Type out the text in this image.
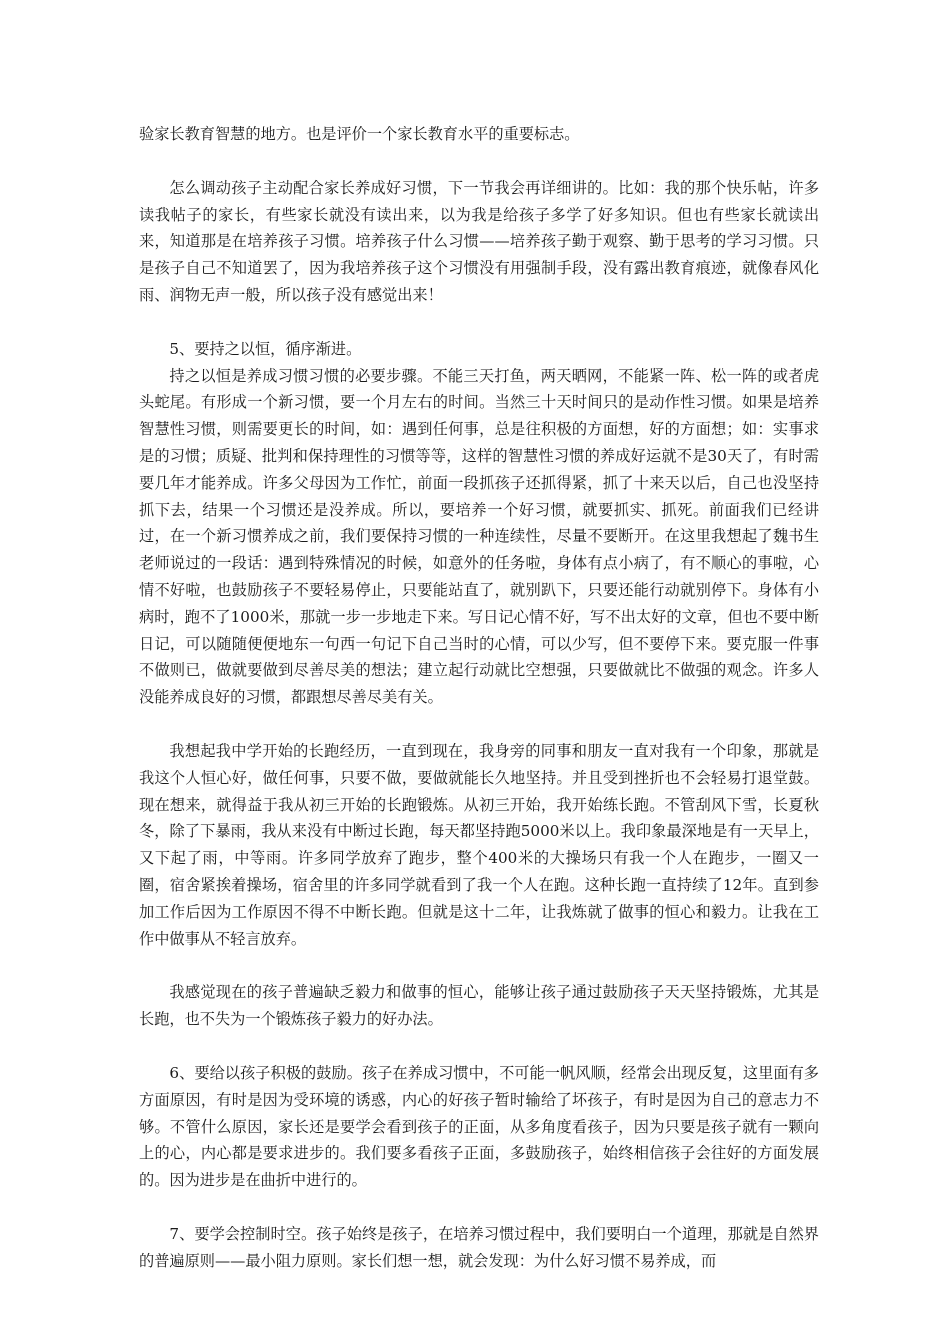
验家长教育智慧的地方。也是评价一个家长教育水平的重要标志。

怎么调动孩子主动配合家长养成好习惯，下一节我会再详细讲的。比如：我的那个快乐帖，许多读我帖子的家长，有些家长就没有读出来，以为我是给孩子多学了好多知识。但也有些家长就读出来，知道那是在培养孩子习惯。培养孩子什么习惯——培养孩子勤于观察、勤于思考的学习习惯。只是孩子自己不知道罢了，因为我培养孩子这个习惯没有用强制手段，没有露出教育痕迹，就像春风化雨、润物无声一般，所以孩子没有感觉出来！

5、要持之以恒，循序渐进。

持之以恒是养成习惯习惯的必要步骤。不能三天打鱼，两天晒网，不能紧一阵、松一阵的或者虎头蛇尾。有形成一个新习惯，要一个月左右的时间。当然三十天时间只的是动作性习惯。如果是培养智慧性习惯，则需要更长的时间，如：遇到任何事，总是往积极的方面想，好的方面想；如：实事求是的习惯；质疑、批判和保持理性的习惯等等，这样的智慧性习惯的养成好运就不是30天了，有时需要几年才能养成。许多父母因为工作忙，前面一段抓孩子还抓得紧，抓了十来天以后，自己也没坚持抓下去，结果一个习惯还是没养成。所以，要培养一个好习惯，就要抓实、抓死。前面我们已经讲过，在一个新习惯养成之前，我们要保持习惯的一种连续性，尽量不要断开。在这里我想起了魏书生老师说过的一段话：遇到特殊情况的时候，如意外的任务啦，身体有点小病了，有不顺心的事啦，心情不好啦，也鼓励孩子不要轻易停止，只要能站直了，就别趴下，只要还能行动就别停下。身体有小病时，跑不了1000米，那就一步一步地走下来。写日记心情不好，写不出太好的文章，但也不要中断日记，可以随随便便地东一句西一句记下自己当时的心情，可以少写，但不要停下来。要克服一件事不做则已，做就要做到尽善尽美的想法；建立起行动就比空想强，只要做就比不做强的观念。许多人没能养成良好的习惯，都跟想尽善尽美有关。

我想起我中学开始的长跑经历，一直到现在，我身旁的同事和朋友一直对我有一个印象，那就是我这个人恒心好，做任何事，只要不做，要做就能长久地坚持。并且受到挫折也不会轻易打退堂鼓。现在想来，就得益于我从初三开始的长跑锻炼。从初三开始，我开始练长跑。不管刮风下雪，长夏秋冬，除了下暴雨，我从来没有中断过长跑，每天都坚持跑5000米以上。我印象最深地是有一天早上，又下起了雨，中等雨。许多同学放弃了跑步，整个400米的大操场只有我一个人在跑步，一圈又一圈，宿舍紧挨着操场，宿舍里的许多同学就看到了我一个人在跑。这种长跑一直持续了12年。直到参加工作后因为工作原因不得不中断长跑。但就是这十二年，让我炼就了做事的恒心和毅力。让我在工作中做事从不轻言放弃。

我感觉现在的孩子普遍缺乏毅力和做事的恒心，能够让孩子通过鼓励孩子天天坚持锻炼，尤其是长跑，也不失为一个锻炼孩子毅力的好办法。

6、要给以孩子积极的鼓励。孩子在养成习惯中，不可能一帆风顺，经常会出现反复，这里面有多方面原因，有时是因为受环境的诱惑，内心的好孩子暂时输给了坏孩子，有时是因为自己的意志力不够。不管什么原因，家长还是要学会看到孩子的正面，从多角度看孩子，因为只要是孩子就有一颗向上的心，内心都是要求进步的。我们要多看孩子正面，多鼓励孩子，始终相信孩子会往好的方面发展的。因为进步是在曲折中进行的。

7、要学会控制时空。孩子始终是孩子，在培养习惯过程中，我们要明白一个道理，那就是自然界的普遍原则——最小阻力原则。家长们想一想，就会发现：为什么好习惯不易养成，而
